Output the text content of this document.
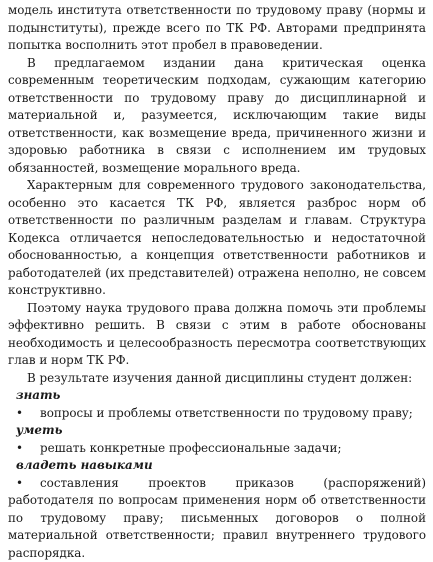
модель института ответственности по трудовому праву (нормы и подынституты), прежде всего по ТК РФ. Авторами предпринята попытка восполнить этот пробел в правоведении.

В предлагаемом издании дана критическая оценка современным теоретическим подходам, сужающим категорию ответственности по трудовому праву до дисциплинарной и материальной и, разумеется, исключающим такие виды ответственности, как возмещение вреда, причиненного жизни и здоровью работника в связи с исполнением им трудовых обязанностей, возмещение морального вреда.

Характерным для современного трудового законодательства, особенно это касается ТК РФ, является разброс норм об ответственности по различным разделам и главам. Структура Кодекса отличается непоследовательностью и недостаточной обоснованностью, а концепция ответственности работников и работодателей (их представителей) отражена неполно, не совсем конструктивно.

Поэтому наука трудового права должна помочь эти проблемы эффективно решить. В связи с этим в работе обоснованы необходимость и целесообразность пересмотра соответствующих глав и норм ТК РФ.

В результате изучения данной дисциплины студент должен:

знать

• вопросы и проблемы ответственности по трудовому праву;

уметь

• решать конкретные профессиональные задачи;

владеть навыками

• составления проектов приказов (распоряжений) работодателя по вопросам применения норм об ответственности по трудовому праву; письменных договоров о полной материальной ответственности; правил внутреннего трудового распорядка.
